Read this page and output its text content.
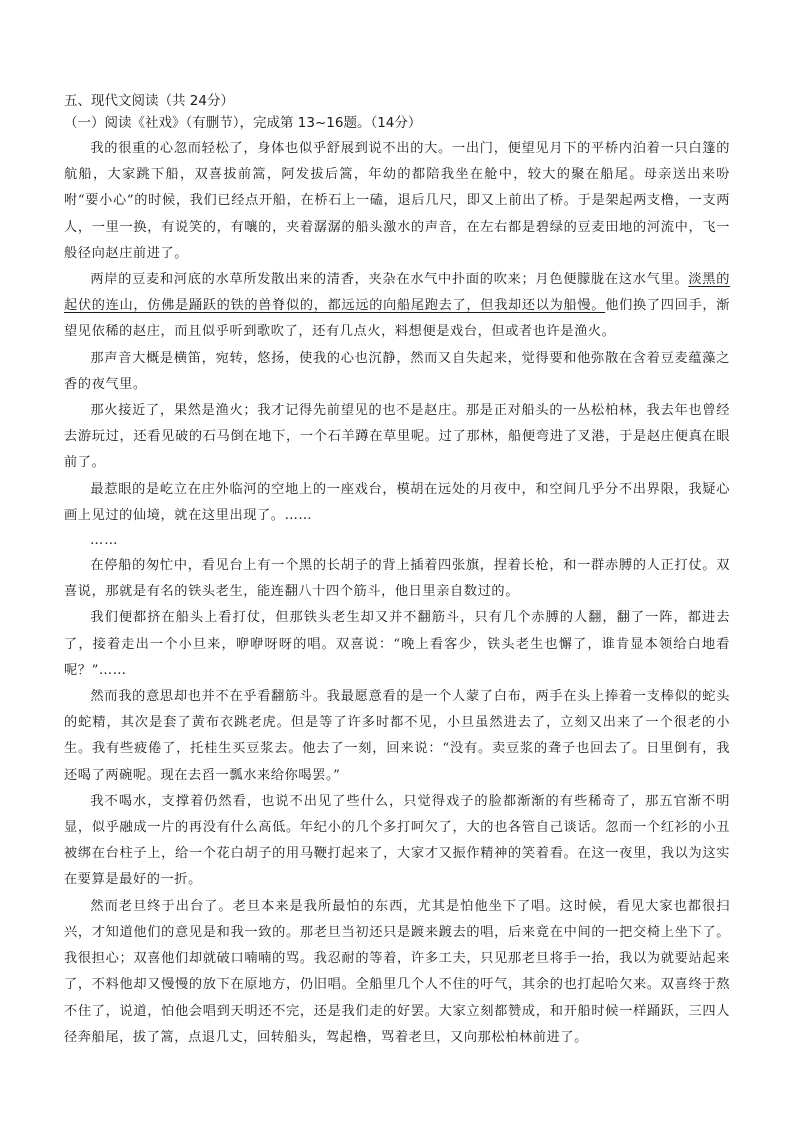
五、现代文阅读（共 24分）

（一）阅读《社戏》（有删节），完成第 13~16题。（14分）

我的很重的心忽而轻松了，身体也似乎舒展到说不出的大。一出门，便望见月下的平桥内泊着一只白篷的航船，大家跳下船，双喜拔前篙，阿发拔后篙，年幼的都陪我坐在舱中，较大的聚在船尾。母亲送出来吩咐“要小心”的时候，我们已经点开船，在桥石上一磕，退后几尺，即又上前出了桥。于是架起两支橹，一支两人，一里一换，有说笑的，有嚷的，夹着潺潺的船头激水的声音，在左右都是碧绿的豆麦田地的河流中，飞一般径向赵庄前进了。

两岸的豆麦和河底的水草所发散出来的清香，夹杂在水气中扑面的吹来；月色便朦胧在这水气里。淡黑的起伏的连山，仿佛是踊跃的铁的兽脊似的，都远远的向船尾跑去了，但我却还以为船慢。他们换了四回手，渐望见依稀的赵庄，而且似乎听到歌吹了，还有几点火，料想便是戏台，但或者也许是渔火。

那声音大概是横笛，宛转，悠扬，使我的心也沉静，然而又自失起来，觉得要和他弥散在含着豆麦蕴藻之香的夜气里。

那火接近了，果然是渔火；我才记得先前望见的也不是赵庄。那是正对船头的一丛松柏林，我去年也曾经去游玩过，还看见破的石马倒在地下，一个石羊蹲在草里呢。过了那林，船便弯进了叉港，于是赵庄便真在眼前了。

最惹眼的是屹立在庄外临河的空地上的一座戏台，模胡在远处的月夜中，和空间几乎分不出界限，我疑心画上见过的仙境，就在这里出现了。……

……

在停船的匆忙中，看见台上有一个黑的长胡子的背上插着四张旗，捏着长枪，和一群赤膊的人正打仗。双喜说，那就是有名的铁头老生，能连翻八十四个筋斗，他日里亲自数过的。

我们便都挤在船头上看打仗，但那铁头老生却又并不翻筋斗，只有几个赤膊的人翻，翻了一阵，都进去了，接着走出一个小旦来，咿咿呀呀的唱。双喜说：“晚上看客少，铁头老生也懈了，谁肯显本领给白地看呢？”……

然而我的意思却也并不在乎看翻筋斗。我最愿意看的是一个人蒙了白布，两手在头上捧着一支棒似的蛇头的蛇精，其次是套了黄布衣跳老虎。但是等了许多时都不见，小旦虽然进去了，立刻又出来了一个很老的小生。我有些疲倦了，托桂生买豆浆去。他去了一刻，回来说：“没有。卖豆浆的聋子也回去了。日里倒有，我还喝了两碗呢。现在去舀一瓢水来给你喝罢。”

我不喝水，支撑着仍然看，也说不出见了些什么，只觉得戏子的脸都渐渐的有些稀奇了，那五官渐不明显，似乎融成一片的再没有什么高低。年纪小的几个多打呵欠了，大的也各管自己谈话。忽而一个红衫的小丑被绑在台柱子上，给一个花白胡子的用马鞭打起来了，大家才又振作精神的笑着看。在这一夜里，我以为这实在要算是最好的一折。

然而老旦终于出台了。老旦本来是我所最怕的东西，尤其是怕他坐下了唱。这时候，看见大家也都很扫兴，才知道他们的意见是和我一致的。那老旦当初还只是踱来踱去的唱，后来竟在中间的一把交椅上坐下了。我很担心；双喜他们却就破口喃喃的骂。我忍耐的等着，许多工夫，只见那老旦将手一抬，我以为就要站起来了，不料他却又慢慢的放下在原地方，仍旧唱。全船里几个人不住的吁气，其余的也打起哈欠来。双喜终于熬不住了，说道，怕他会唱到天明还不完，还是我们走的好罢。大家立刻都赞成，和开船时候一样踊跃，三四人径奔船尾，拔了篙，点退几丈，回转船头，驾起橹，骂着老旦，又向那松柏林前进了。
